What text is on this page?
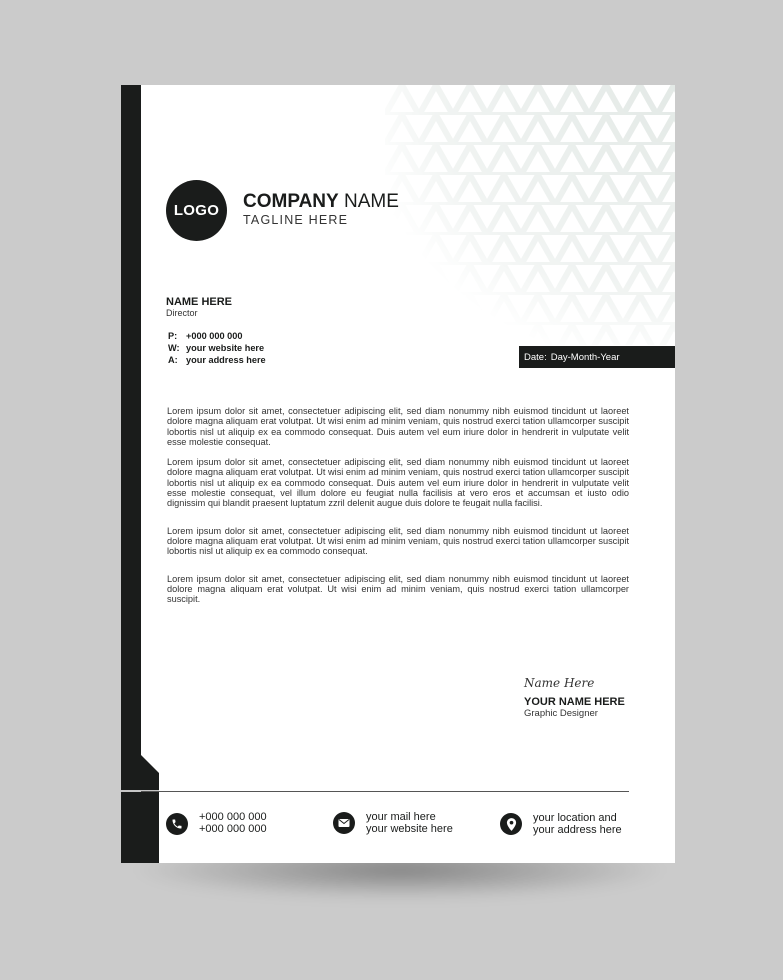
LOGO	COMPANY NAME
TAGLINE HERE
NAME HERE
Director
P: +000 000 000
W: your website here
A: your address here	Date: Day-Month-Year

Lorem ipsum dolor sit amet, consectetuer adipiscing elit, sed diam nonummy nibh euismod tincidunt ut laoreet dolore magna aliquam erat volutpat. Ut wisi enim ad minim veniam, quis nostrud exerci tation ullamcorper suscipit lobortis nisl ut aliquip ex ea commodo consequat. Duis autem vel eum iriure dolor in hendrerit in vulputate velit esse molestie consequat.

Lorem ipsum dolor sit amet, consectetuer adipiscing elit, sed diam nonummy nibh euismod tincidunt ut laoreet dolore magna aliquam erat volutpat. Ut wisi enim ad minim veniam, quis nostrud exerci tation ullamcorper suscipit lobortis nisl ut aliquip ex ea commodo consequat. Duis autem vel eum iriure dolor in hendrerit in vulputate velit esse molestie consequat, vel illum dolore eu feugiat nulla facilisis at vero eros et accumsan et iusto odio dignissim qui blandit praesent luptatum zzril delenit augue duis dolore te feugait nulla facilisi.

Lorem ipsum dolor sit amet, consectetuer adipiscing elit, sed diam nonummy nibh euismod tincidunt ut laoreet dolore magna aliquam erat volutpat. Ut wisi enim ad minim veniam, quis nostrud exerci tation ullamcorper suscipit lobortis nisl ut aliquip ex ea commodo consequat.

Lorem ipsum dolor sit amet, consectetuer adipiscing elit, sed diam nonummy nibh euismod tincidunt ut laoreet dolore magna aliquam erat volutpat. Ut wisi enim ad minim veniam, quis nostrud exerci tation ullamcorper suscipit.

Name Here
YOUR NAME HERE
Graphic Designer
+000 000 000
+000 000 000
your mail here
your website here
your location and
your address here
